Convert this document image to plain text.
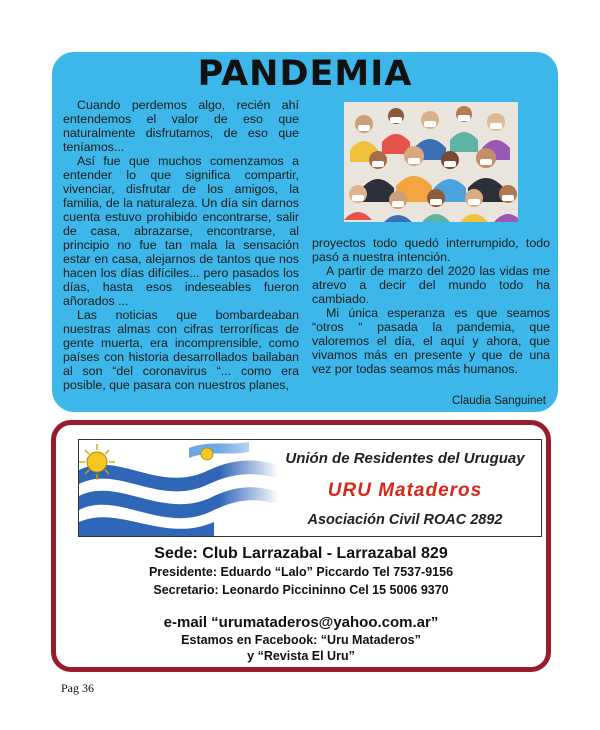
PANDEMIA

Cuando perdemos algo, recién ahí entendemos el valor de eso que naturalmente disfrutamos, de eso que teníamos...

Así fue que muchos comenzamos a entender lo que significa compartir, vivenciar, disfrutar de los amigos, la familia, de la naturaleza. Un día sin darnos cuenta estuvo prohibido encontrarse, salir de casa, abrazarse, encontrarse, al principio no fue tan mala la sensación estar en casa, alejarnos de tantos que nos hacen los días difíciles... pero pasados los días, hasta esos indeseables fueron añorados ...

Las noticias que bombardeaban nuestras almas con cifras terroríficas de gente muerta, era incomprensible, como países con historia desarrollados bailaban al son “del coronavirus “... como era posible, que pasara con nuestros planes,

proyectos todo quedó interrumpido, todo pasó a nuestra intención.

A partir de marzo del 2020 las vidas me atrevo a decir del mundo todo ha cambiado.

Mi única esperanza es que seamos “otros “ pasada la pandemia, que valoremos el día, el aquí y ahora, que vivamos más en presente y que de una vez por todas seamos más humanos.

Claudia Sanguinet
Unión de Residentes del Uruguay
URU Mataderos
Asociación Civil ROAC 2892
Sede: Club Larrazabal - Larrazabal 829
Presidente: Eduardo “Lalo” Piccardo Tel 7537-9156
Secretario: Leonardo Piccininno Cel 15 5006 9370
e-mail “urumataderos@yahoo.com.ar”
Estamos en Facebook: “Uru Mataderos”
y “Revista El Uru”
Pag 36
